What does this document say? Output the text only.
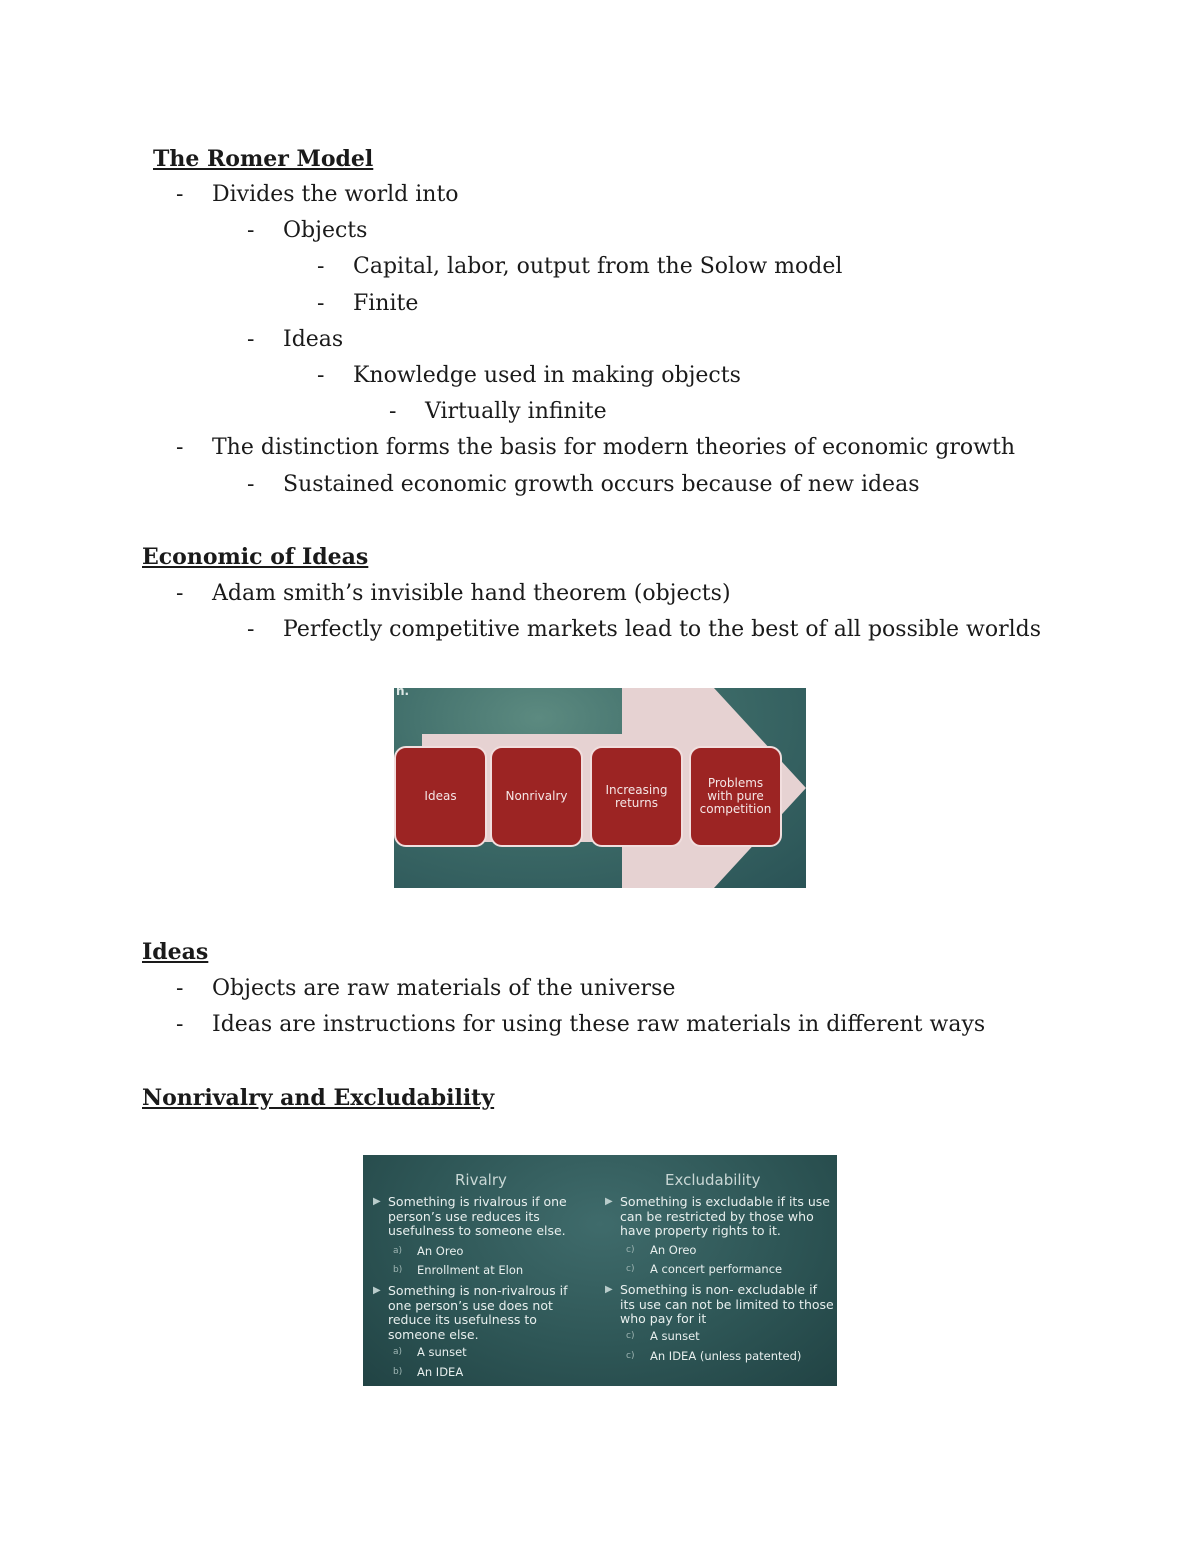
The Romer Model
- Divides the world into
- Objects
- Capital, labor, output from the Solow model
- Finite
- Ideas
- Knowledge used in making objects
- Virtually infinite
- The distinction forms the basis for modern theories of economic growth
- Sustained economic growth occurs because of new ideas
Economic of Ideas
- Adam smith’s invisible hand theorem (objects)
- Perfectly competitive markets lead to the best of all possible worlds
n.
Ideas	Nonrivalry	Increasing returns
Problems with pure competition
Ideas
- Objects are raw materials of the universe
- Ideas are instructions for using these raw materials in different ways
Nonrivalry and Excludability
Rivalry	Excludability
▶ Something is rivalrous if one person’s use reduces its usefulness to someone else.
a) An Oreo
b) Enrollment at Elon
▶ Something is non-rivalrous if one person’s use does not reduce its usefulness to someone else.
a) A sunset
b) An IDEA
▶ Something is excludable if its use can be restricted by those who have property rights to it.
c) An Oreo
c) A concert performance
▶ Something is non- excludable if its use can not be limited to those who pay for it
c) A sunset
c) An IDEA (unless patented)
